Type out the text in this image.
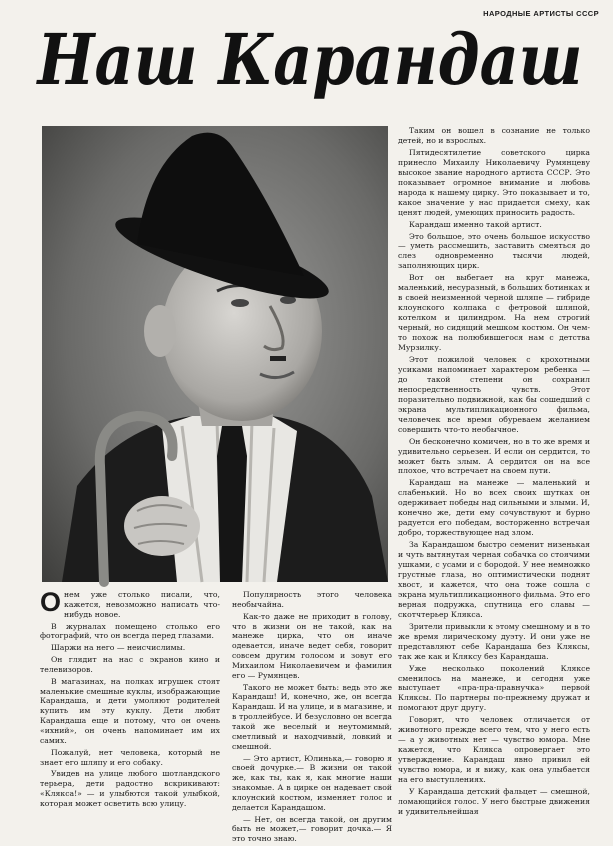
НАРОДНЫЕ АРТИСТЫ СССР
Наш Карандаш

О нем уже столько писали, что, кажется, невозможно написать что-нибудь новое.

В журналах помещено столько его фотографий, что он всегда перед глазами.

Шаржи на него — неисчислимы.

Он глядит на нас с экранов кино и телевизоров.

В магазинах, на полках игрушек стоят маленькие смешные куклы, изображающие Карандаша, и дети умоляют родителей купить им эту куклу. Дети любят Карандаша еще и потому, что он очень «ихний», он очень напоминает им их самих.

Пожалуй, нет человека, который не знает его шляпу и его собаку.

Увидев на улице любого шотландского терьера, дети радостно вскрикивают: «Клякса!» — и улыбются такой улыбкой, которая может осветить всю улицу.

Популярность этого человека необычайна.

Как-то даже не приходит в голову, что в жизни он не такой, как на манеже цирка, что он иначе одевается, иначе ведет себя, говорит совсем другим голосом и зовут его Михаилом Николаевичем и фамилия его — Румянцев.

Такого не может быть: ведь это же Карандаш! И, конечно, же, он всегда Карандаш. И на улице, и в магазине, и в троллейбусе. И безусловно он всегда такой же веселый и неутомимый, сметливый и находчивый, ловкий и смешной.

— Это артист, Юлинька,— говорю я своей дочурке.— В жизни он такой же, как ты, как я, как многие наши знакомые. А в цирке он надевает свой клоунский костюм, изменяет голос и делается Карандашом.

— Нет, он всегда такой, он другим быть не может,— говорит дочка.— Я это точно знаю.

Таким он вошел в сознание не только детей, но и взрослых.

Пятидесятилетие советского цирка принесло Михаилу Николаевичу Румянцеву высокое звание народного артиста СССР. Это показывает огромное внимание и любовь народа к нашему цирку. Это показывает и то, какое значение у нас придается смеху, как ценят людей, умеющих приносить радость.

Карандаш именно такой артист.

Это большое, это очень большое искусство — уметь рассмешить, заставить смеяться до слез одновременно тысячи людей, заполняющих цирк.

Вот он выбегает на круг манежа, маленький, несуразный, в больших ботинках и в своей неизменной черной шляпе — гибриде клоунского колпака с фетровой шляпой, котелком и цилиндром. На нем строгий черный, но сидящий мешком костюм. Он чем-то похож на полюбившегося нам с детства Мурзилку.

Этот пожилой человек с крохотными усиками напоминает характером ребенка — до такой степени он сохранил непосредственность чувств. Этот поразительно подвижной, как бы сошедший с экрана мультипликационного фильма, человечек все время обуреваем желанием совершить что-то необычное.

Он бесконечно комичен, но в то же время и удивительно серьезен. И если он сердится, то может быть злым. А сердится он на все плохое, что встречает на своем пути.

Карандаш на манеже — маленький и слабенький. Но во всех своих шутках он одерживает победы над сильными и злыми. И, конечно же, дети ему сочувствуют и бурно радуется его победам, восторженно встречая добро, торжествующее над злом.

За Карандашом быстро семенит низенькая и чуть вытянутая черная собачка со стоячими ушками, с усами и с бородой. У нее немножко грустные глаза, но оптимистически поднят хвост, и кажется, что она тоже сошла с экрана мультипликационного фильма. Это его верная подружка, спутница его славы — скотчтерьер Клякса.

Зрители привыкли к этому смешному и в то же время лирическому дуэту. И они уже не представляют себе Карандаша без Кляксы, так же как и Кляксу без Карандаша.

Уже несколько поколений Кляксе сменилось на манеже, и сегодня уже выступает «пра-пра-правнучка» первой Кляксы. По партнеры по-прежнему дружат и помогают друг другу.

Говорят, что человек отличается от животного прежде всего тем, что у него есть — а у животных нет — чувство юмора. Мне кажется, что Клякса опровергает это утверждение. Карандаш явно привил ей чувство юмора, и я вижу, как она улыбается на его выступлениях.

У Карандаша детский фальцет — смешной, ломающийся голос. У него быстрые движения и удивительнейшая
